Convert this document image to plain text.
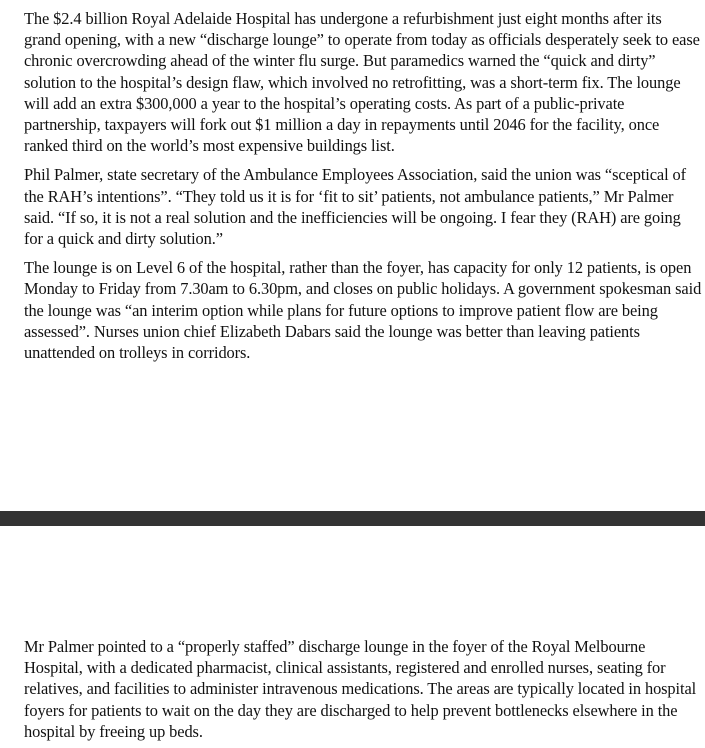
The $2.4 billion Royal Adelaide Hospital has undergone a refurbishment just eight months after its grand opening, with a new “discharge lounge” to operate from today as officials desperately seek to ease chronic overcrowding ahead of the winter flu surge. But paramedics warned the “quick and dirty” solution to the hospital’s design flaw, which involved no retrofitting, was a short-term fix. The lounge will add an extra $300,000 a year to the hospital’s operating costs. As part of a public-private partnership, taxpayers will fork out $1 million a day in repayments until 2046 for the facility, once ranked third on the world’s most expensive buildings list.

Phil Palmer, state secretary of the Ambulance Employees Association, said the union was “sceptical of the RAH’s intentions”. “They told us it is for ‘fit to sit’ patients, not ambulance patients,” Mr Palmer said. “If so, it is not a real solution and the inefficiencies will be ongoing. I fear they (RAH) are going for a quick and dirty solution.”

The lounge is on Level 6 of the hospital, rather than the foyer, has capacity for only 12 patients, is open Monday to Friday from 7.30am to 6.30pm, and closes on public holidays. A government spokesman said the lounge was “an interim option while plans for future options to improve patient flow are being assessed”. Nurses union chief Elizabeth Dabars said the lounge was better than leaving patients unattended on trolleys in corridors.

Mr Palmer pointed to a “properly staffed” discharge lounge in the foyer of the Royal Melbourne Hospital, with a dedicated pharmacist, clinical assistants, registered and enrolled nurses, seating for relatives, and facilities to administer intravenous medications. The areas are typically located in hospital foyers for patients to wait on the day they are discharged to help prevent bottlenecks elsewhere in the hospital by freeing up beds.
